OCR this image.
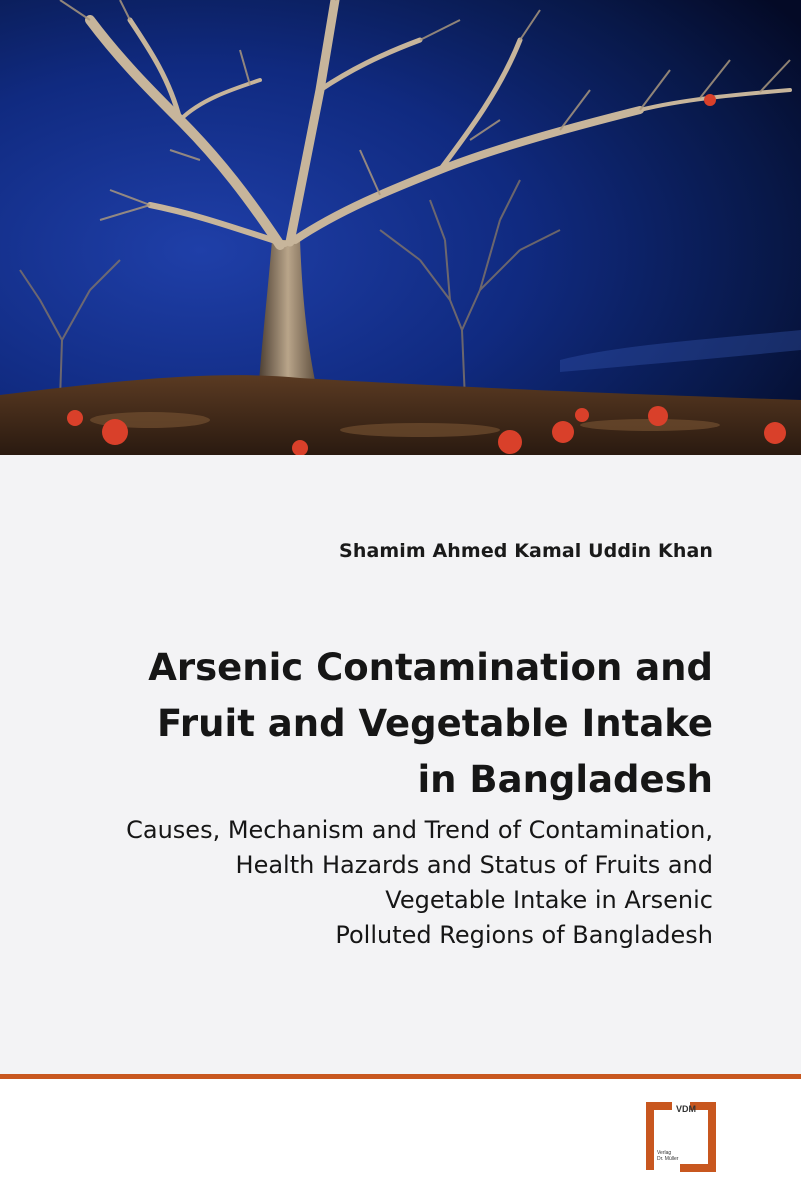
Shamim Ahmed Kamal Uddin Khan
Arsenic Contamination and
Fruit and Vegetable Intake
in Bangladesh
Causes, Mechanism and Trend of Contamination,
Health Hazards and Status of Fruits and
Vegetable Intake in Arsenic
Polluted Regions of Bangladesh
VDM
Verlag
Dr. Müller
